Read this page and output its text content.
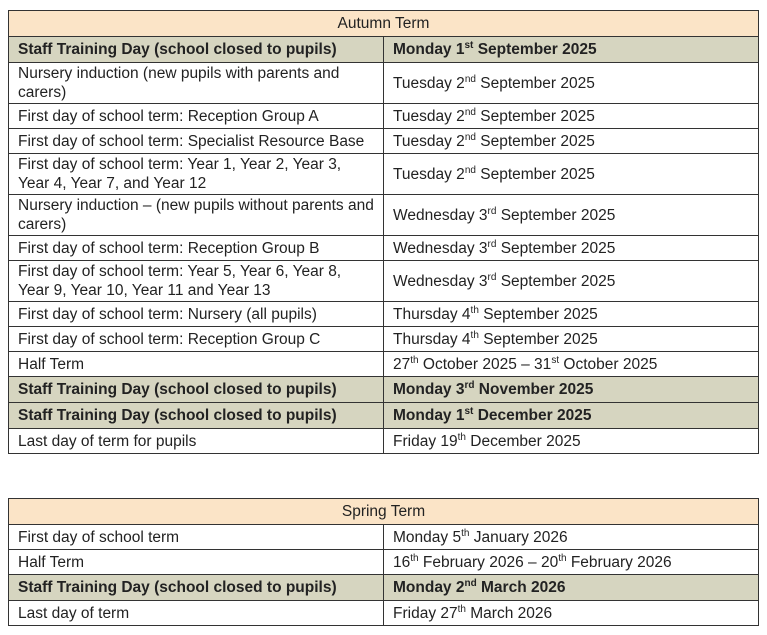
Autumn Term	
Staff Training Day (school closed to pupils)	Monday 1st September 2025
Nursery induction (new pupils with parents and carers)	Tuesday 2nd September 2025
First day of school term: Reception Group A	Tuesday 2nd September 2025
First day of school term: Specialist Resource Base	Tuesday 2nd September 2025
First day of school term: Year 1, Year 2, Year 3, Year 4, Year 7, and Year 12	Tuesday 2nd September 2025
Nursery induction – (new pupils without parents and carers)	Wednesday 3rd September 2025
First day of school term: Reception Group B	Wednesday 3rd September 2025
First day of school term: Year 5, Year 6, Year 8, Year 9, Year 10, Year 11 and Year 13	Wednesday 3rd September 2025
First day of school term: Nursery (all pupils)	Thursday 4th September 2025
First day of school term: Reception Group C	Thursday 4th September 2025
Half Term	27th October 2025 – 31st October 2025
Staff Training Day (school closed to pupils)	Monday 3rd November 2025
Staff Training Day (school closed to pupils)	Monday 1st December 2025
Last day of term for pupils	Friday 19th December 2025
Spring Term	
First day of school term	Monday 5th January 2026
Half Term	16th February 2026 – 20th February 2026
Staff Training Day (school closed to pupils)	Monday 2nd March 2026
Last day of term	Friday 27th March 2026
